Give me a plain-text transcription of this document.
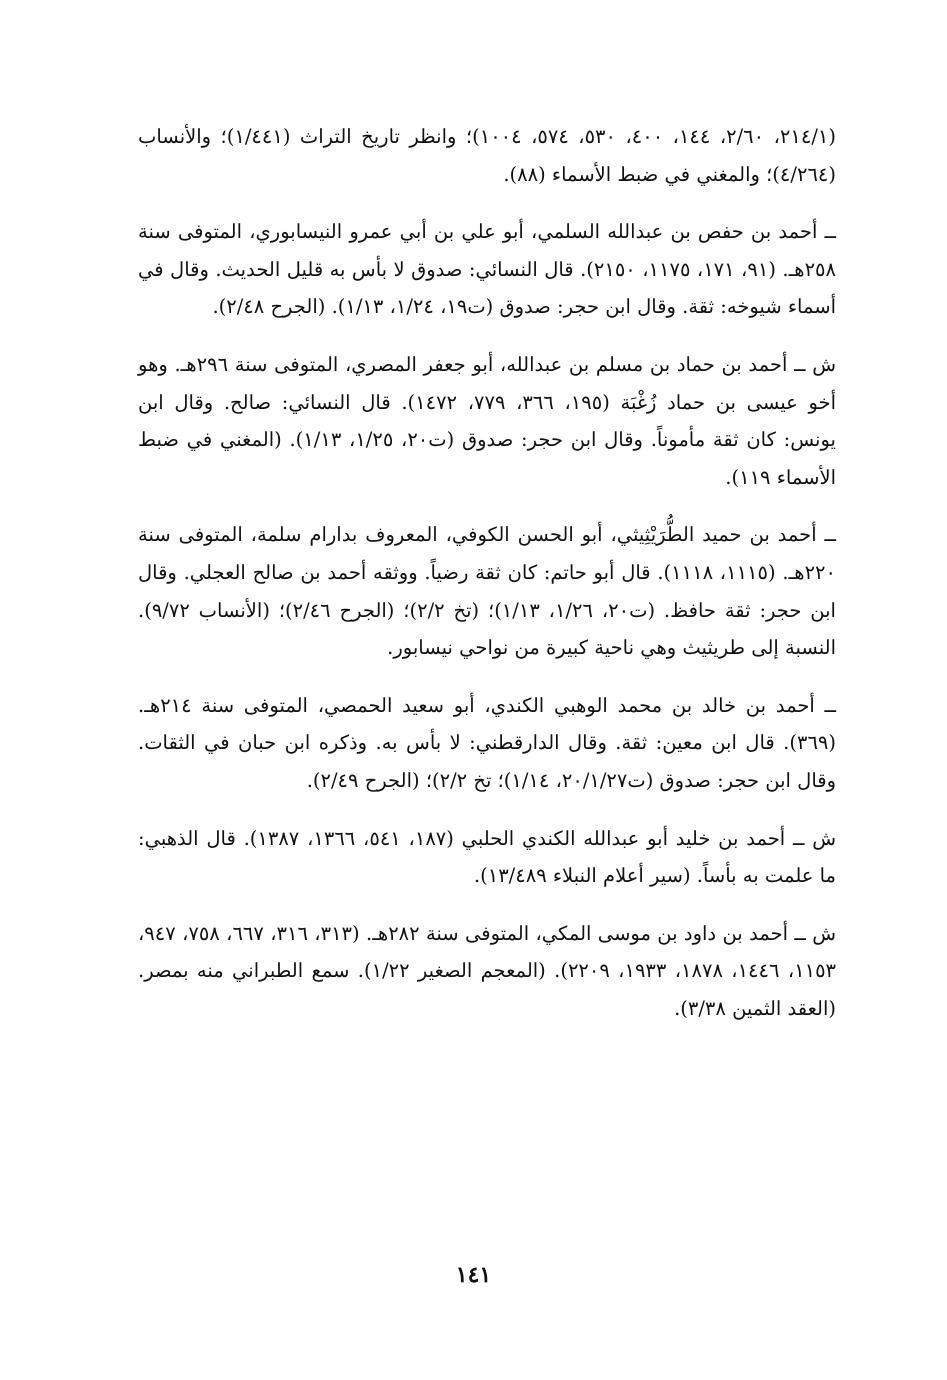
(٢١٤/١، ٢/٦٠، ١٤٤، ٤٠٠، ٥٣٠، ٥٧٤، ١٠٠٤)؛ وانظر تاريخ التراث (١/٤٤١)؛ والأنساب (٤/٢٦٤)؛ والمغني في ضبط الأسماء (٨٨).

ــ أحمد بن حفص بن عبدالله السلمي، أبو علي بن أبي عمرو النيسابوري، المتوفى سنة ٢٥٨هـ. (٩١، ١٧١، ١١٧٥، ٢١٥٠). قال النسائي: صدوق لا بأس به قليل الحديث. وقال في أسماء شيوخه: ثقة. وقال ابن حجر: صدوق (ت١٩، ١/٢٤، ١/١٣). (الجرح ٢/٤٨).

ش ــ أحمد بن حماد بن مسلم بن عبدالله، أبو جعفر المصري، المتوفى سنة ٢٩٦هـ. وهو أخو عيسى بن حماد زُغْبَة (١٩٥، ٣٦٦، ٧٧٩، ١٤٧٢). قال النسائي: صالح. وقال ابن يونس: كان ثقة مأموناً. وقال ابن حجر: صدوق (ت٢٠، ١/٢٥، ١/١٣). (المغني في ضبط الأسماء ١١٩).

ــ أحمد بن حميد الطُّرَيْثِيثي، أبو الحسن الكوفي، المعروف بدارام سلمة، المتوفى سنة ٢٢٠هـ. (١١١٥، ١١١٨). قال أبو حاتم: كان ثقة رضياً. ووثقه أحمد بن صالح العجلي. وقال ابن حجر: ثقة حافظ. (ت٢٠، ١/٢٦، ١/١٣)؛ (تخ ٢/٢)؛ (الجرح ٢/٤٦)؛ (الأنساب ٩/٧٢). النسبة إلى طريثيث وهي ناحية كبيرة من نواحي نيسابور.

ــ أحمد بن خالد بن محمد الوهبي الكندي، أبو سعيد الحمصي، المتوفى سنة ٢١٤هـ. (٣٦٩). قال ابن معين: ثقة. وقال الدارقطني: لا بأس به. وذكره ابن حبان في الثقات. وقال ابن حجر: صدوق (ت٢٠/١/٢٧، ١/١٤)؛ تخ ٢/٢)؛ (الجرح ٢/٤٩).

ش ــ أحمد بن خليد أبو عبدالله الكندي الحلبي (١٨٧، ٥٤١، ١٣٦٦، ١٣٨٧). قال الذهبي: ما علمت به بأساً. (سير أعلام النبلاء ١٣/٤٨٩).

ش ــ أحمد بن داود بن موسى المكي، المتوفى سنة ٢٨٢هـ. (٣١٣، ٣١٦، ٦٦٧، ٧٥٨، ٩٤٧، ١١٥٣، ١٤٤٦، ١٨٧٨، ١٩٣٣، ٢٢٠٩). (المعجم الصغير ١/٢٢). سمع الطبراني منه بمصر. (العقد الثمين ٣/٣٨).

١٤١
